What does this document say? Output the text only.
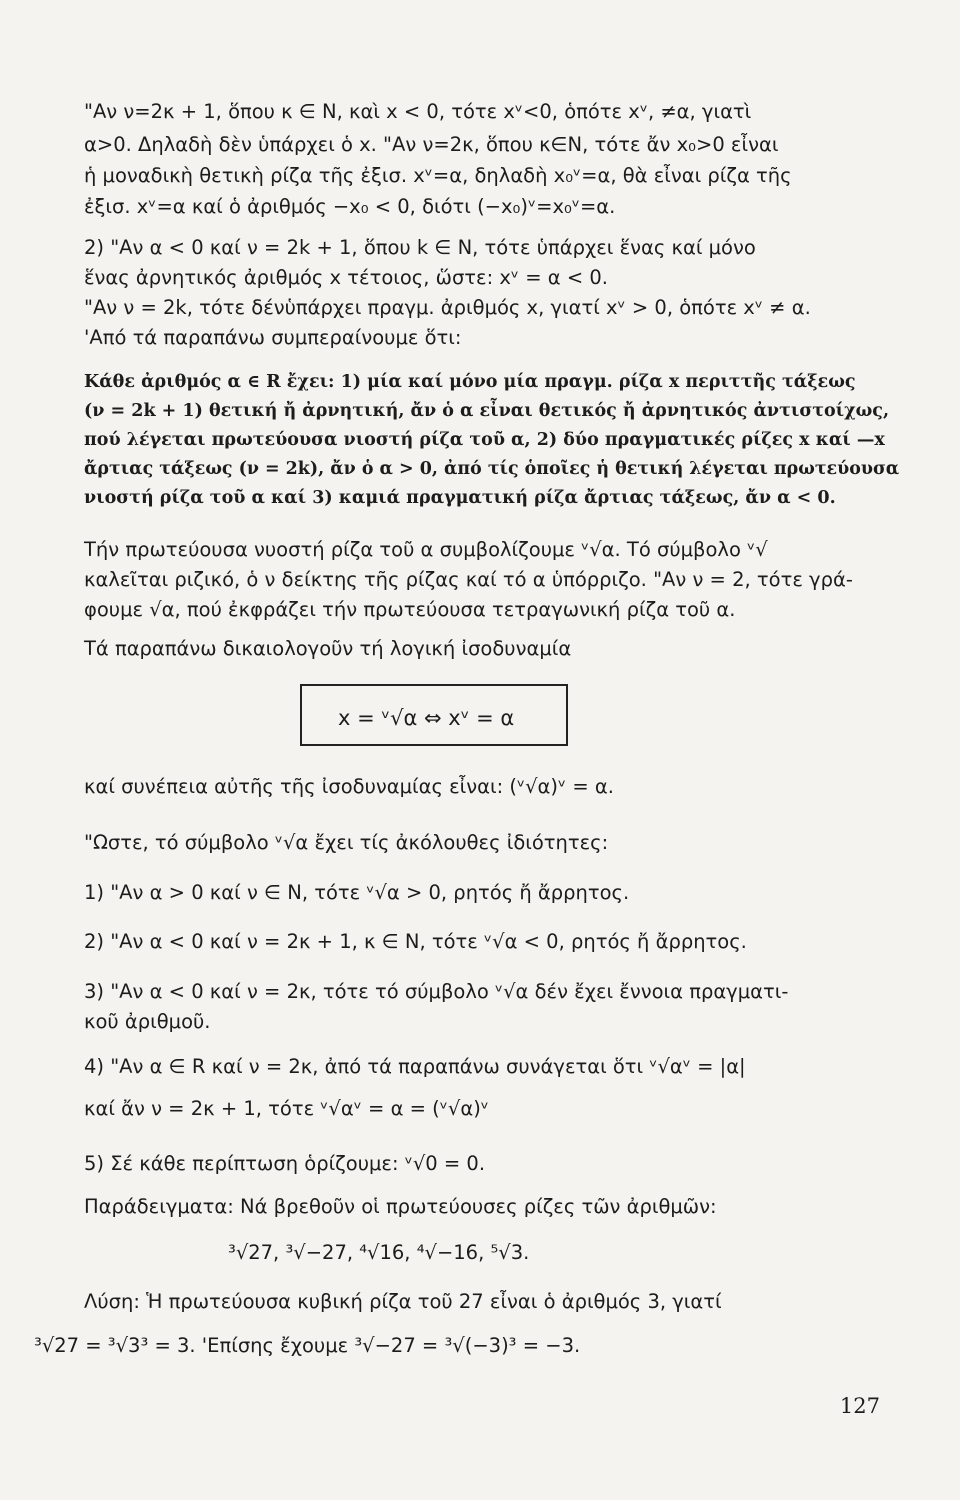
"Αν ν=2κ + 1, ὅπου κ ∈ N, καὶ x < 0, τότε xᵛ<0, ὁπότε xᵛ, ≠α, γιατὶ
α>0. Δηλαδὴ δὲν ὑπάρχει ὁ x. "Αν ν=2κ, ὅπου κ∈N, τότε ἄν x₀>0 εἶναι
ἡ μοναδικὴ θετικὴ ρίζα τῆς ἐξισ. xᵛ=α, δηλαδὴ x₀ᵛ=α, θὰ εἶναι ρίζα τῆς
ἐξισ. xᵛ=α καί ὁ ἀριθμός −x₀ < 0, διότι (−x₀)ᵛ=x₀ᵛ=α.
2) "Αν α < 0 καί ν = 2k + 1, ὅπου k ∈ N, τότε ὑπάρχει ἕνας καί μόνο
ἕνας ἀρνητικός ἀριθμός x τέτοιος, ὥστε: xᵛ = α < 0.
"Αν ν = 2k, τότε δένὑπάρχει πραγμ. ἀριθμός x, γιατί xᵛ > 0, ὁπότε xᵛ ≠ α.
'Από τά παραπάνω συμπεραίνουμε ὅτι:
Κάθε ἀριθμός α ∈ R ἔχει: 1) μία καί μόνο μία πραγμ. ρίζα x περιττῆς τάξεως
(ν = 2k + 1) θετική ἤ ἀρνητική, ἄν ὁ α εἶναι θετικός ἤ ἀρνητικός ἀντιστοίχως,
πού λέγεται πρωτεύουσα νιοστή ρίζα τοῦ α, 2) δύο πραγματικές ρίζες x καί —x
ἄρτιας τάξεως (ν = 2k), ἄν ὁ α > 0, ἀπό τίς ὁποῖες ἡ θετική λέγεται πρωτεύουσα
νιοστή ρίζα τοῦ α καί 3) καμιά πραγματική ρίζα ἄρτιας τάξεως, ἄν α < 0.
Τήν πρωτεύουσα νυοστή ρίζα τοῦ α συμβολίζουμε ᵛ√α. Τό σύμβολο ᵛ√
καλεῖται ριζικό, ὁ ν δείκτης τῆς ρίζας καί τό α ὑπόρριζο. "Αν ν = 2, τότε γρά-
φουμε √α, πού ἐκφράζει τήν πρωτεύουσα τετραγωνική ρίζα τοῦ α.
Τά παραπάνω δικαιολογοῦν τή λογική ἰσοδυναμία
x = ᵛ√α ⇔ xᵛ = α
καί συνέπεια αὐτῆς τῆς ἰσοδυναμίας εἶναι: (ᵛ√α)ᵛ = α.
"Ωστε, τό σύμβολο ᵛ√α ἔχει τίς ἀκόλουθες ἰδιότητες:
1) "Αν α > 0 καί ν ∈ N, τότε ᵛ√α > 0, ρητός ἤ ἄρρητος.
2) "Αν α < 0 καί ν = 2κ + 1, κ ∈ N, τότε ᵛ√α < 0, ρητός ἤ ἄρρητος.
3) "Αν α < 0 καί ν = 2κ, τότε τό σύμβολο ᵛ√α δέν ἔχει ἔννοια πραγματι-
κοῦ ἀριθμοῦ.
4) "Αν α ∈ R καί ν = 2κ, ἀπό τά παραπάνω συνάγεται ὅτι ᵛ√αᵛ = |α|
καί ἄν ν = 2κ + 1, τότε ᵛ√αᵛ = α = (ᵛ√α)ᵛ
5) Σέ κάθε περίπτωση ὁρίζουμε: ᵛ√0 = 0.
Παράδειγματα: Νά βρεθοῦν οἱ πρωτεύουσες ρίζες τῶν ἀριθμῶν:
³√27, ³√−27, ⁴√16, ⁴√−16, ⁵√3.
Λύση: Ἡ πρωτεύουσα κυβική ρίζα τοῦ 27 εἶναι ὁ ἀριθμός 3, γιατί
³√27 = ³√3³ = 3. 'Επίσης ἔχουμε ³√−27 = ³√(−3)³ = −3.
127
